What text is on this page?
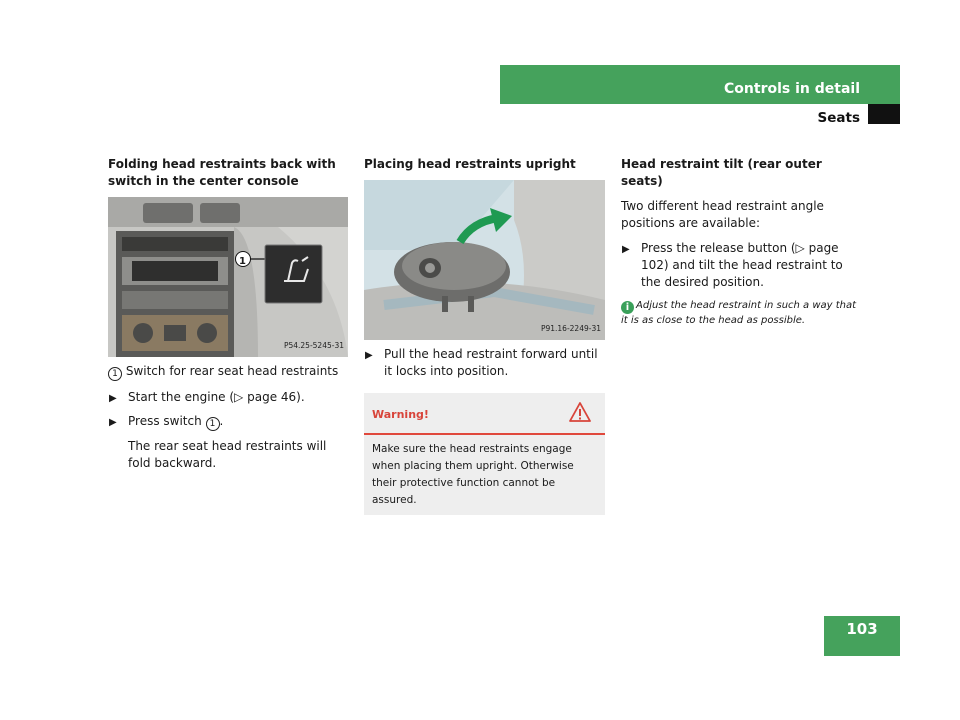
Controls in detail
Seats
Folding head restraints back with switch in the center console
1
P54.25-5245-31

1 Switch for rear seat head restraints

▶ Start the engine (▷ page 46).

▶ Press switch 1 .

The rear seat head restraints will fold backward.

Placing head restraints upright
P91.16-2249-31

▶ Pull the head restraint forward until it locks into position.

Warning!

Make sure the head restraints engage when placing them upright. Otherwise their protective function cannot be assured.

Head restraint tilt (rear outer seats)

Two different head restraint angle positions are available:

▶ Press the release button (▷ page 102) and tilt the head restraint to the desired position.

i Adjust the head restraint in such a way that it is as close to the head as possible.

103
